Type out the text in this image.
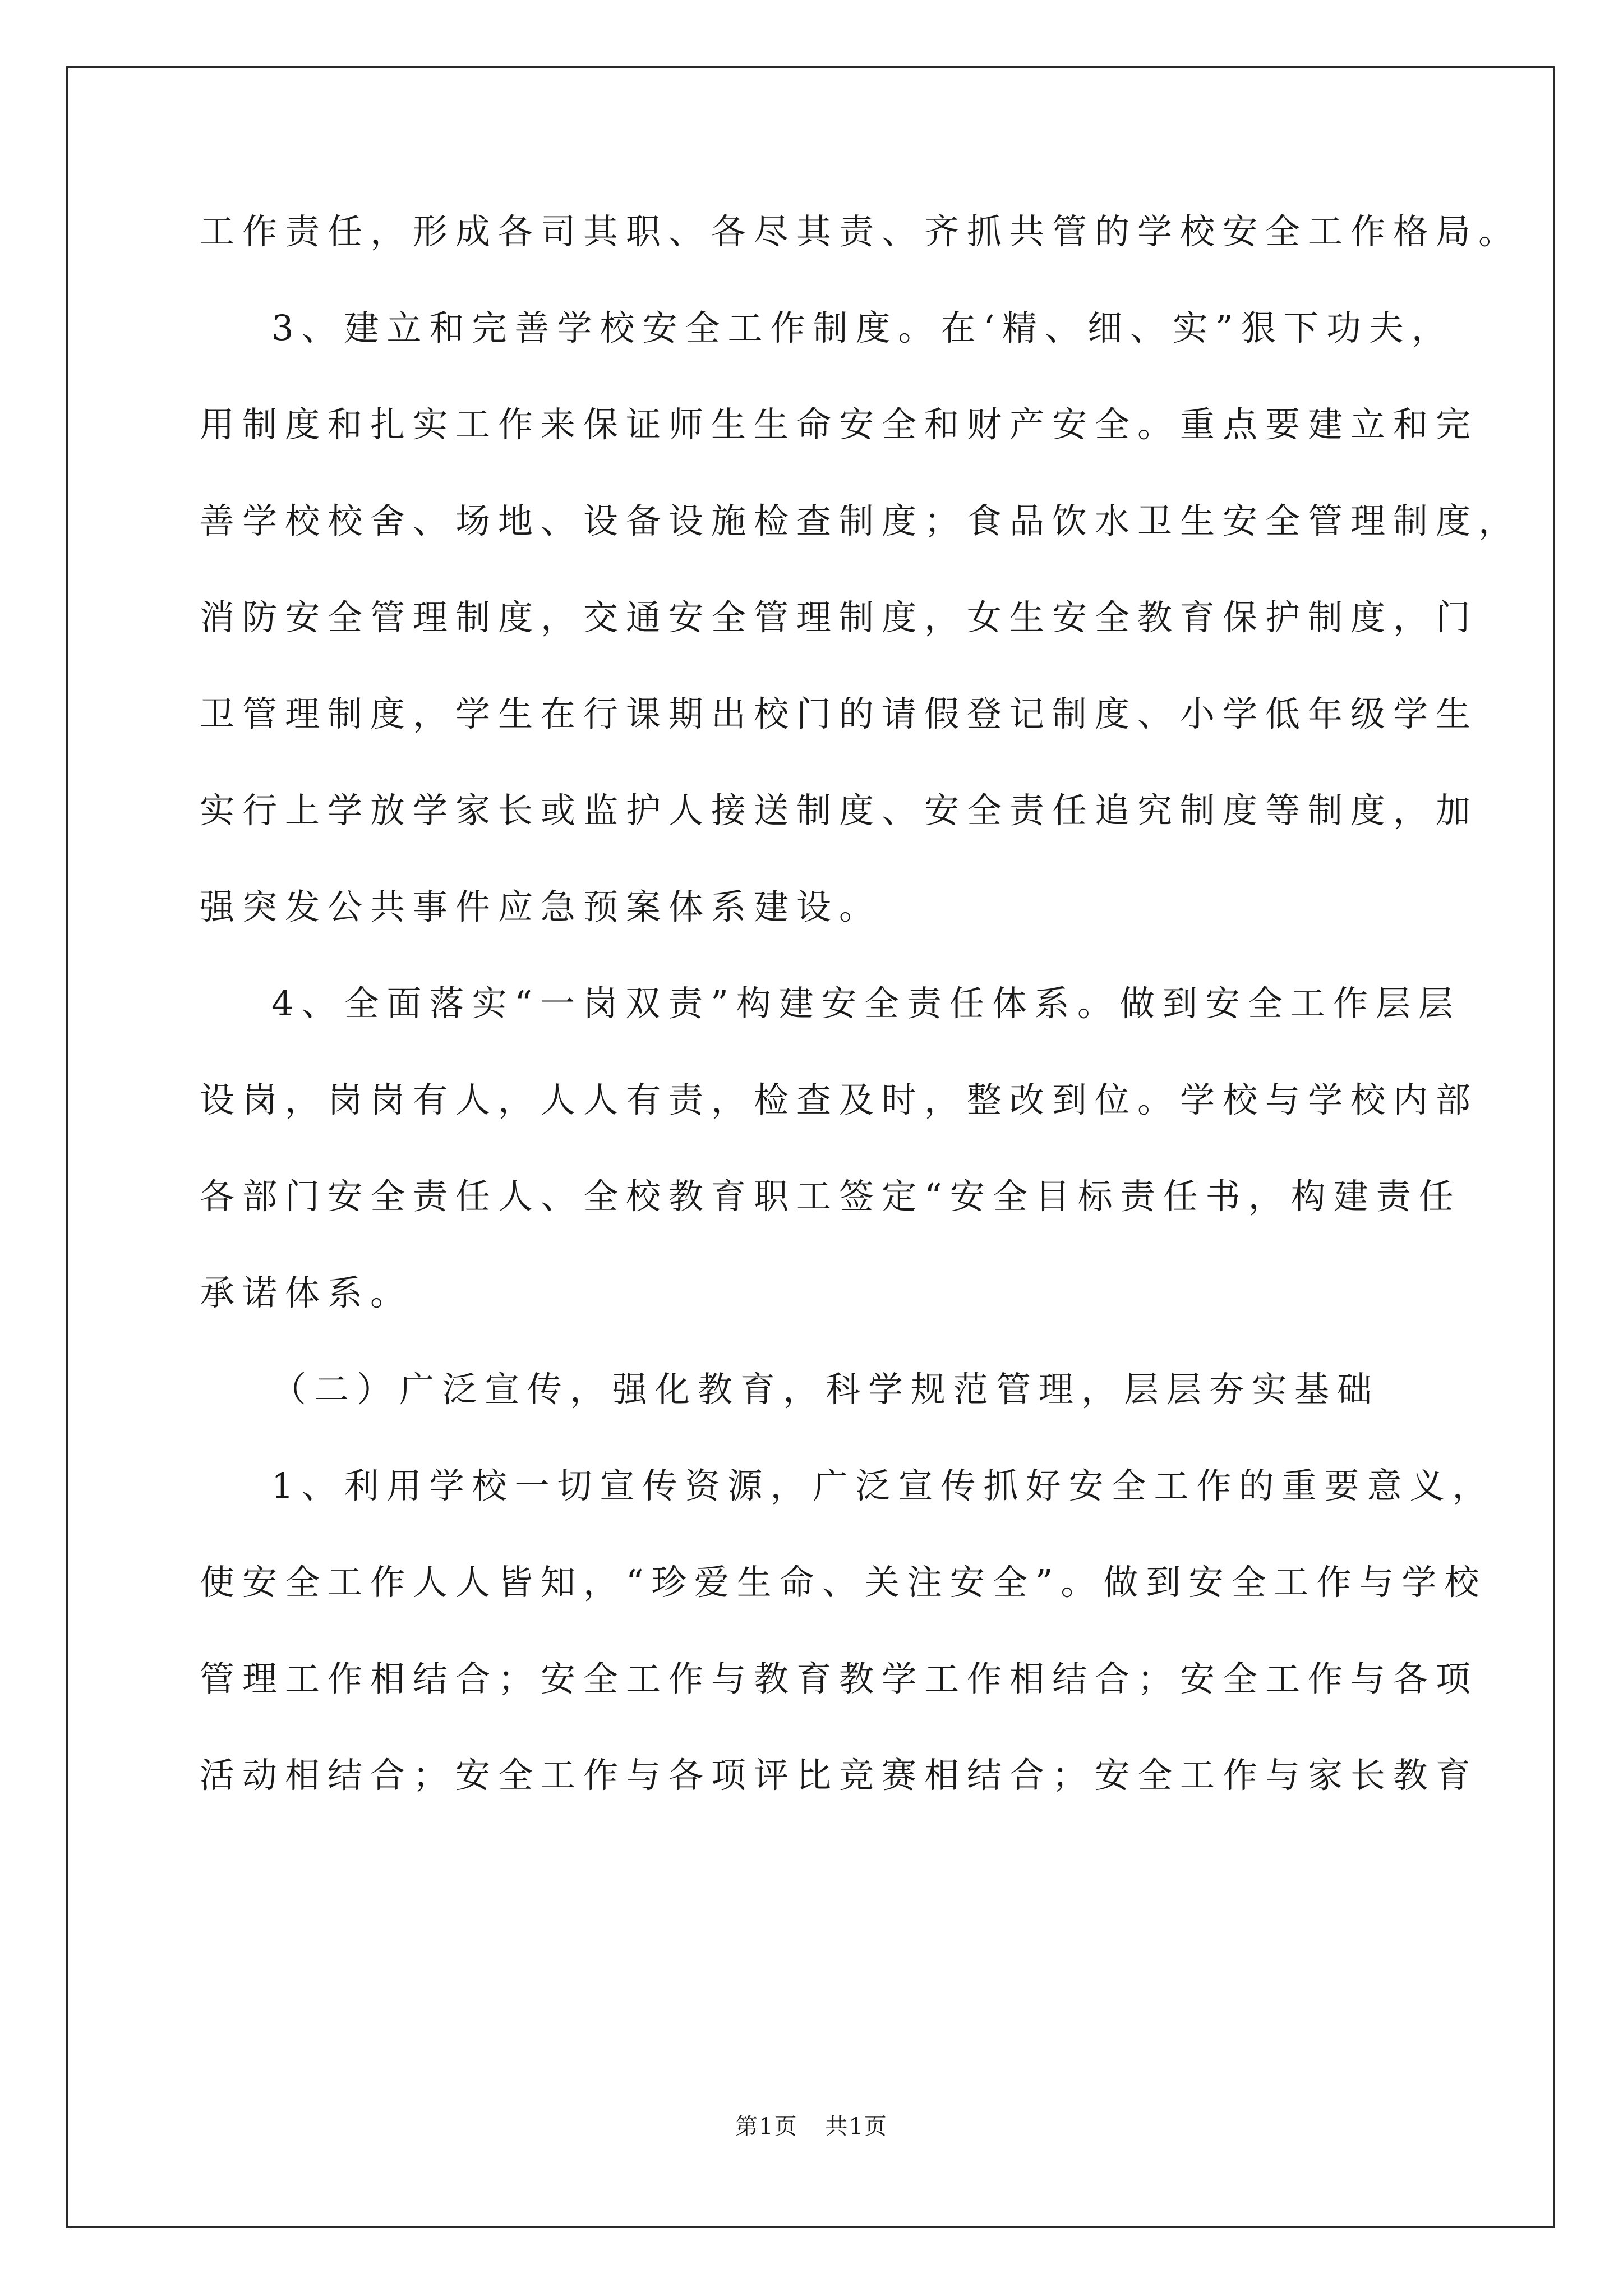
工作责任，形成各司其职、各尽其责、齐抓共管的学校安全工作格局。
3、建立和完善学校安全工作制度。在‘精、细、实”狠下功夫，
用制度和扎实工作来保证师生生命安全和财产安全。重点要建立和完
善学校校舍、场地、设备设施检查制度；食品饮水卫生安全管理制度，
消防安全管理制度，交通安全管理制度，女生安全教育保护制度，门
卫管理制度，学生在行课期出校门的请假登记制度、小学低年级学生
实行上学放学家长或监护人接送制度、安全责任追究制度等制度，加
强突发公共事件应急预案体系建设。
4、全面落实“一岗双责”构建安全责任体系。做到安全工作层层
设岗，岗岗有人，人人有责，检查及时，整改到位。学校与学校内部
各部门安全责任人、全校教育职工签定“安全目标责任书，构建责任
承诺体系。
（二）广泛宣传，强化教育，科学规范管理，层层夯实基础
1、利用学校一切宣传资源，广泛宣传抓好安全工作的重要意义，
使安全工作人人皆知，“珍爱生命、关注安全”。做到安全工作与学校
管理工作相结合；安全工作与教育教学工作相结合；安全工作与各项
活动相结合；安全工作与各项评比竞赛相结合；安全工作与家长教育
第1页 共1页
